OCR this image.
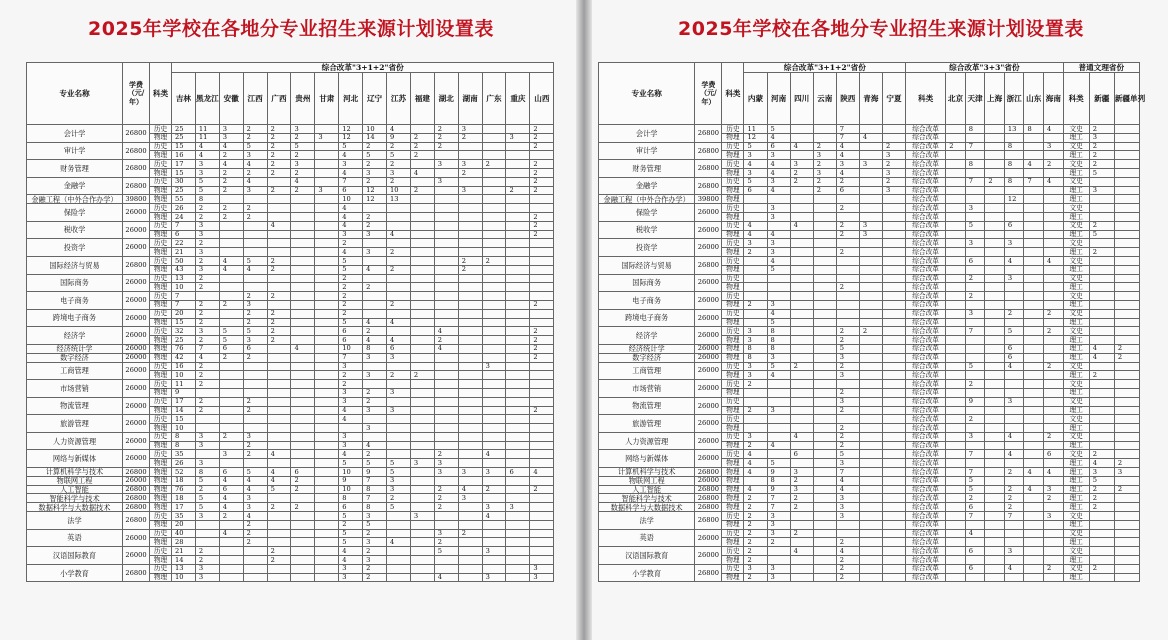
2025年学校在各地分专业招生来源计划设置表
专业名称	学费（元/年）	科类	综合改革"3+1+2"省份															
			吉林	黑龙江	安徽	江西	广西	贵州	甘肃	河北	辽宁	江苏	福建	湖北	湖南	广东	重庆	山西
会计学	26800	历史	25	11	3	2	2	3		12	10	4		2	3			2
		物理	25	11	3	2	2	2	3	12	14	9	2	2	2		3	2
审计学	26800	历史	15	4	4	5	2	5		5	2	2	2	2				2
		物理	16	4	2	3	2	2		4	5	5	2					
财务管理	26800	历史	17	3	4	4	2	3		3	2	2		3	3	2		2
		物理	15	3	2	2	2	2		4	3	3	4		2			2
金融学	26800	历史	30	5	2	4		4		7	2	2		3				2
		物理	25	5	2	3	2	2	3	6	12	10	2		3		2	2
金融工程（中外合作办学）	39800	物理	55	8						10	12	13						
保险学	26000	历史	26	2	2	2				4								
		物理	24	2	2	2				4	2							2
税收学	26000	历史	7	3			4			4	2							2
		物理	6	3						3	3	4						2
投资学	26000	历史	22	2						2								
		物理	21	3						4	3	2						
国际经济与贸易	26800	历史	50	2	4	5	2			5					2	2		
		物理	43	3	4	4	2			5	4	2			2			
国际商务	26000	历史	13	2						2								
		物理	10	2						2	2							
电子商务	26000	历史	7			2	2			2								
		物理	7	2	2	3				2		2						2
跨境电子商务	26000	历史	20	2		2	2			2								
		物理	15	2		2	2			5	4	4						
经济学	26000	历史	32	3	5	5	2			6	2			4				2
		物理	25	2	5	3	2			6	4	4		2				2
经济统计学	26000	物理	76	7	6	6		4		10	8	6		4				2
数字经济	26000	物理	42	4	2	2				7	3	3						2
工商管理	26000	历史	16	2						3						3		
		物理	10	2						2	3	2	2					
市场营销	26000	历史	11	2						2								
		物理	9							3	2	3						
物流管理	26000	历史	17	2		2				3	2							
		物理	14	2		2				4	3	3						2
旅游管理	26000	历史	15							4								
		物理	10								3							
人力资源管理	26000	历史	8	3	2	3				3								
		物理	8	3		2				3	4							
网络与新媒体	26000	历史	35		3	2	4			4	2			2		4		
		物理	26	3						5	5	5	3	3				
计算机科学与技术	26800	物理	52	8	6	5	4	6		10	9	5		3	3	3	6	4
物联网工程	26000	物理	18	5	4	4	4	2		9	7	3						
人工智能	26800	物理	76	2	6	4	5	2		10	8	3		2	4	2		2
智能科学与技术	26800	物理	18	5	4	3				8	7	2		2	3			
数据科学与大数据技术	26800	物理	17	5	4	3	2	2		6	8	5		2		3	3	
法学	26800	历史	35	3	2	4				5	3		3			4		
		物理	20			2				2	5							
英语	26000	历史	40		4	2				5	2			3	2			
		物理	28			2				5	3	4		2				
汉语国际教育	26000	历史	21	2			2			4	2			5		3		
		物理	14	2			2			4	3							
小学教育	26800	历史	13	3						3	2							3
		物理	10	3						3	2			4		3		3
2025年学校在各地分专业招生来源计划设置表
专业名称	学费（元/年）	科类	综合改革"3+1+2"省份							综合改革"3+3"省份							普通文理省份		
			内蒙	河南	四川	云南	陕西	青海	宁夏	科类	北京	天津	上海	浙江	山东	海南	科类	新疆	新疆单列
会计学	26800	历史	11	5			7			综合改革		8		13	8	4	文史	2	
		物理	12	4			7	4		综合改革							理工	3	
审计学	26800	历史	5	6	4	2	4		2	综合改革	2	7		8		3	文史	2	
		物理	3	3		3	4		3	综合改革							理工	2	
财务管理	26800	历史	4	4	3	2	3	3	2	综合改革		8		8	4	2	文史	2	
		物理	3	4	2	3	4		3	综合改革							理工	5	
金融学	26800	历史	5	3	2	2	2		2	综合改革		7	2	8	7	4	文史		
		物理	6	4		2	6		3	综合改革							理工	3	
金融工程（中外合作办学）	39800	物理								综合改革				12			理工		
保险学	26000	历史		3			2			综合改革		3					文史		
		物理		3						综合改革							理工		
税收学	26000	历史	4		4		2	3		综合改革		5		6			文史	2	
		物理	4	4			2	3		综合改革							理工	5	
投资学	26000	历史	3	3						综合改革		3		3			文史		
		物理	2	3			2			综合改革							理工	2	
国际经济与贸易	26800	历史		4						综合改革		6		4		4	文史		
		物理		5						综合改革							理工		
国际商务	26000	历史								综合改革		2		3			文史		
		物理					2			综合改革							理工		
电子商务	26000	历史								综合改革		2					文史		
		物理	2	3						综合改革							理工		
跨境电子商务	26000	历史		4						综合改革		3		2		2	文史		
		物理		5						综合改革							理工		
经济学	26000	历史	3	8			2	2		综合改革		7		5		2	文史		
		物理	3	8			2			综合改革							理工		
经济统计学	26000	物理	8	8			5			综合改革				6			理工	4	2
数字经济	26000	物理	8	3			3			综合改革				6			理工	4	2
工商管理	26000	历史	3	5	2		2			综合改革		5		4		2	文史		
		物理	3	4			3			综合改革							理工	2	
市场营销	26000	历史	2							综合改革		2					文史		
		物理					2			综合改革							理工		
物流管理	26000	历史					3			综合改革		9		3			文史		
		物理	2	3			2			综合改革							理工		
旅游管理	26000	历史								综合改革		2					文史		
		物理					2			综合改革							理工		
人力资源管理	26000	历史	3		4		2			综合改革		3		4		2	文史		
		物理	2	4			2			综合改革							理工		
网络与新媒体	26000	历史	4		6		5			综合改革		7		4		6	文史	2	
		物理	4	5			3			综合改革							理工	4	2
计算机科学与技术	26800	物理	4	9	3		7			综合改革		7		2	4	4	理工	3	3
物联网工程	26000	物理		8	2		4			综合改革		5					理工	5	
人工智能	26800	物理	4	9	3		4			综合改革		5		2	4	3	理工	2	2
智能科学与技术	26800	物理	2	7	2		3			综合改革		2		2		2	理工	2	
数据科学与大数据技术	26800	物理	2	7	2		3			综合改革		6		2			理工	2	
法学	26800	历史	2	3			3			综合改革		7		7		3	文史		
		物理	2	3						综合改革							理工		
英语	26000	历史	2	3	2					综合改革		4					文史		
		物理	2	2			2			综合改革							理工		
汉语国际教育	26000	历史	2		4		4			综合改革		6		3			文史		
		物理	2				2			综合改革							理工		
小学教育	26800	历史	3	3			2			综合改革		6		4		2	文史	2	
		物理	2	3			2			综合改革							理工		
